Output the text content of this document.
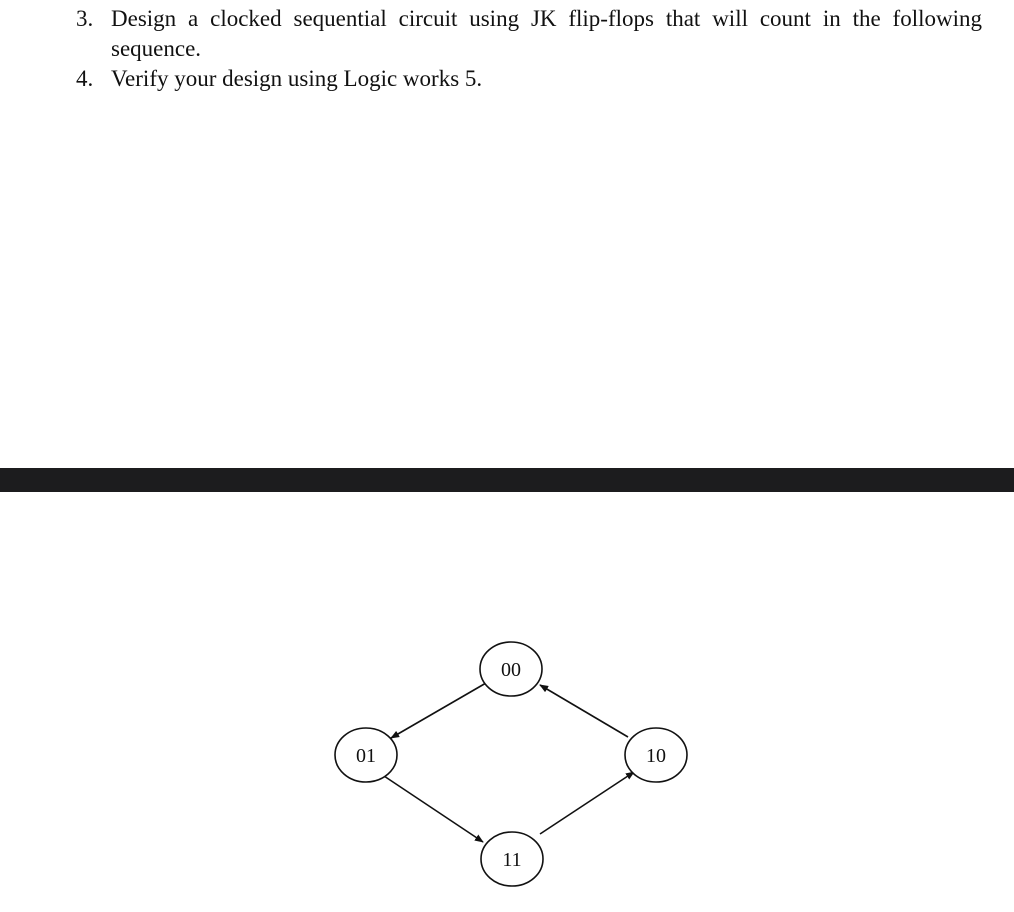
3. Design a clocked sequential circuit using JK flip-flops that will count in the following sequence.
4. Verify your design using Logic works 5.
00
01
11
10
